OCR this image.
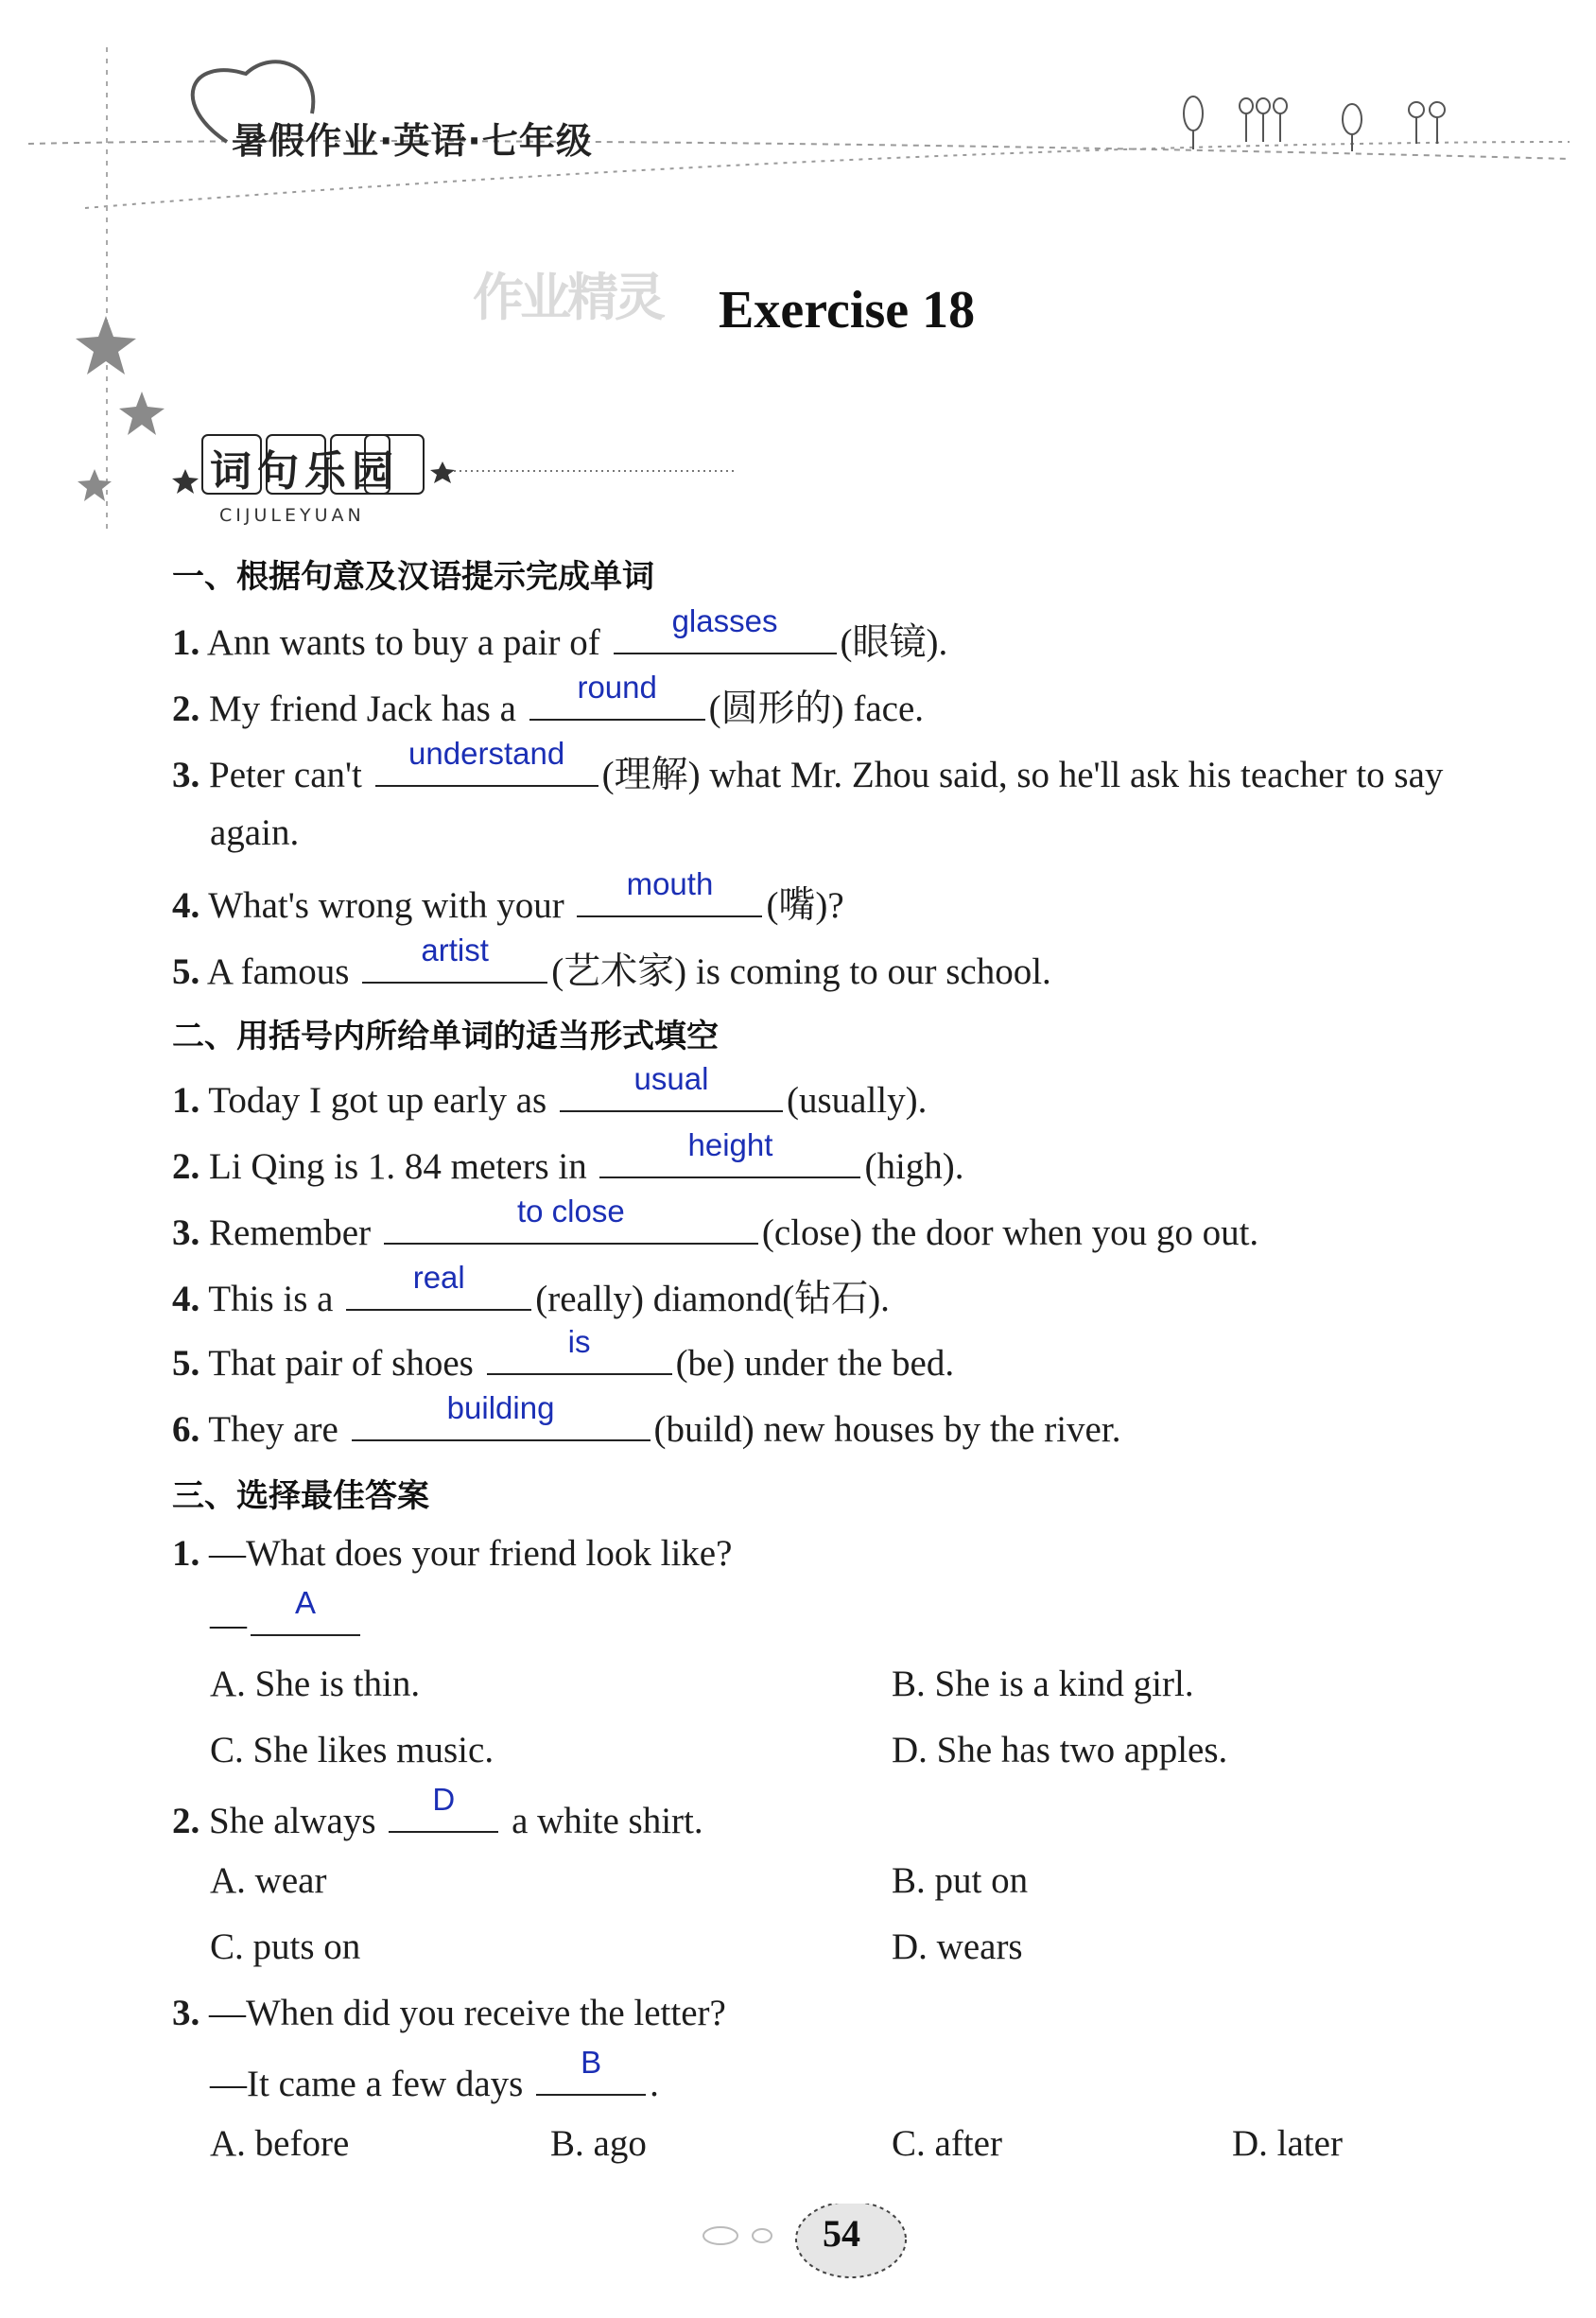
暑假作业·英语·七年级
作业精灵 Exercise 18
词句乐园
CIJULEYUAN
一、根据句意及汉语提示完成单词
1. Ann wants to buy a pair of
glasses
(眼镜).
2. My friend Jack has a
round
(圆形的) face.
3. Peter can't
understand
(理解) what Mr. Zhou said, so he'll ask his teacher to say
again.
4. What's wrong with your
mouth
(嘴)?
5. A famous
artist
(艺术家) is coming to our school.
二、用括号内所给单词的适当形式填空
1. Today I got up early as
usual
(usually).
2. Li Qing is 1. 84 meters in
height
(high).
3. Remember
to close
(close) the door when you go out.
4. This is a
real
(really) diamond(钻石).
5. That pair of shoes
is
(be) under the bed.
6. They are
building
(build) new houses by the river.
三、选择最佳答案
1. —What does your friend look like?
—
A
A. She is thin.	B. She is a kind girl.
C. She likes music.	D. She has two apples.
2. She always
D
a white shirt.
A. wear	B. put on
C. puts on	D. wears
3. —When did you receive the letter?
—It came a few days
B
.
A. before	B. ago	C. after	D. later
54
